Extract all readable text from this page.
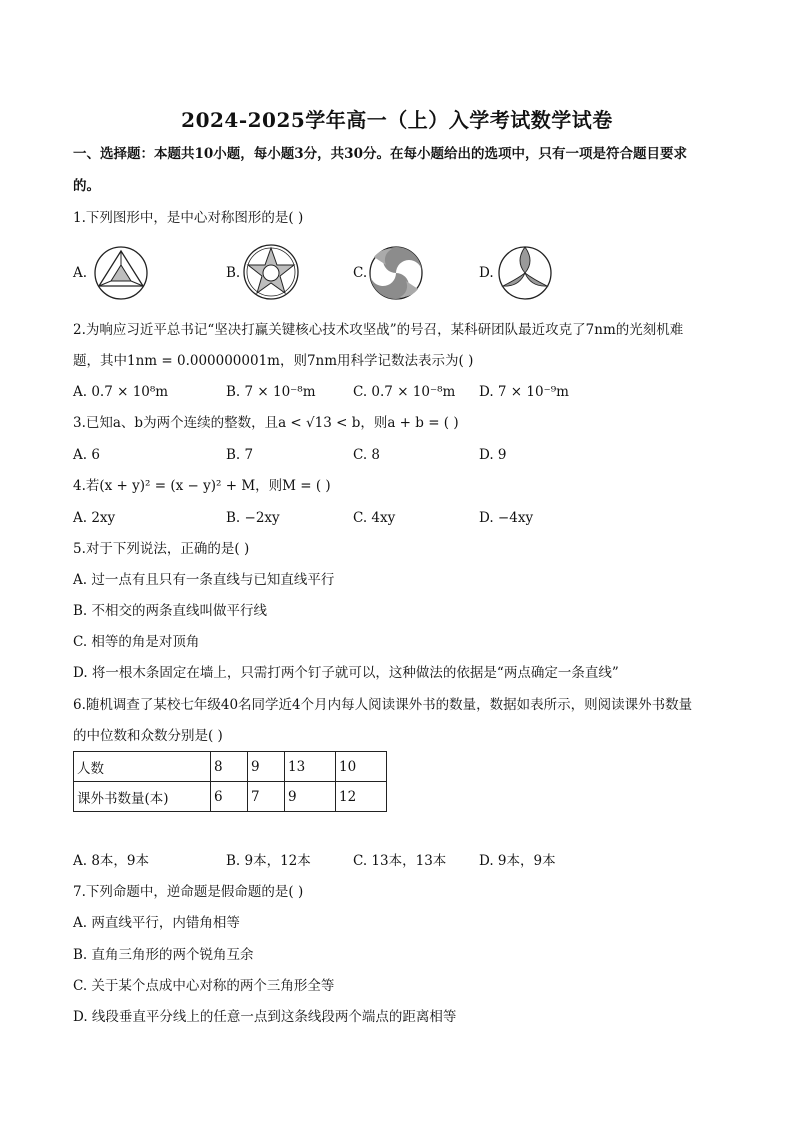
2024-2025学年高一（上）入学考试数学试卷
一、选择题：本题共10小题，每小题3分，共30分。在每小题给出的选项中，只有一项是符合题目要求
的。
1.下列图形中，是中心对称图形的是( )
A.	B.	C.	D.
2.为响应习近平总书记“坚决打赢关键核心技术攻坚战”的号召，某科研团队最近攻克了7nm的光刻机难
题，其中1nm = 0.000000001m，则7nm用科学记数法表示为( )
A. 0.7 × 10⁸m	B. 7 × 10⁻⁸m	C. 0.7 × 10⁻⁸m D. 7 × 10⁻⁹m
3.已知a、b为两个连续的整数，且a < √13 < b，则a + b = ( )
A. 6	B. 7	C. 8	D. 9
4.若(x + y)² = (x − y)² + M，则M = ( )
A. 2xy	B. −2xy	C. 4xy	D. −4xy
5.对于下列说法，正确的是( )
A. 过一点有且只有一条直线与已知直线平行
B. 不相交的两条直线叫做平行线
C. 相等的角是对顶角
D. 将一根木条固定在墙上，只需打两个钉子就可以，这种做法的依据是“两点确定一条直线”
6.随机调查了某校七年级40名同学近4个月内每人阅读课外书的数量，数据如表所示，则阅读课外书数量
的中位数和众数分别是( )
人数	8	9	13	10
课外书数量(本)	6	7	9	12
A. 8本，9本	B. 9本，12本	C. 13本，13本 D. 9本，9本
7.下列命题中，逆命题是假命题的是( )
A. 两直线平行，内错角相等
B. 直角三角形的两个锐角互余
C. 关于某个点成中心对称的两个三角形全等
D. 线段垂直平分线上的任意一点到这条线段两个端点的距离相等
